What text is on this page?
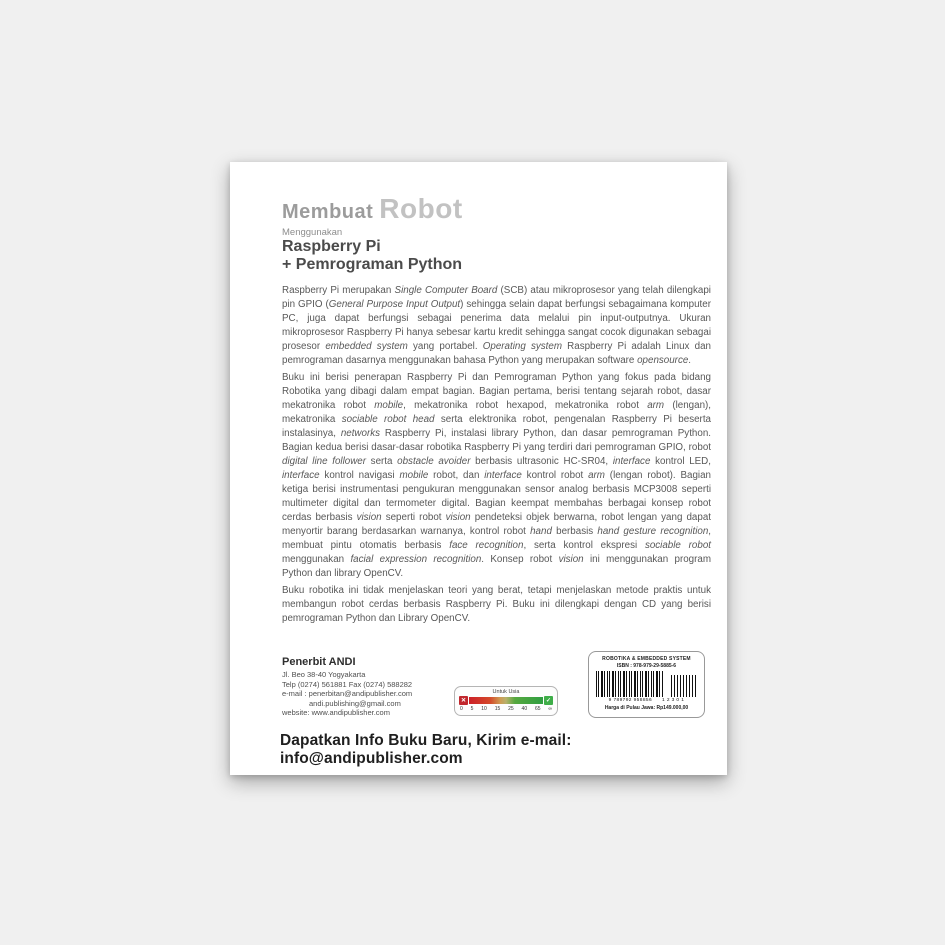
Membuat Robot
Menggunakan
Raspberry Pi
+ Pemrograman Python

Raspberry Pi merupakan Single Computer Board (SCB) atau mikroprosesor yang telah dilengkapi pin GPIO (General Purpose Input Output) sehingga selain dapat berfungsi sebagaimana komputer PC, juga dapat berfungsi sebagai penerima data melalui pin input-outputnya. Ukuran mikroprosesor Raspberry Pi hanya sebesar kartu kredit sehingga sangat cocok digunakan sebagai prosesor embedded system yang portabel. Operating system Raspberry Pi adalah Linux dan pemrograman dasarnya menggunakan bahasa Python yang merupakan software opensource.

Buku ini berisi penerapan Raspberry Pi dan Pemrograman Python yang fokus pada bidang Robotika yang dibagi dalam empat bagian. Bagian pertama, berisi tentang sejarah robot, dasar mekatronika robot mobile, mekatronika robot hexapod, mekatronika robot arm (lengan), mekatronika sociable robot head serta elektronika robot, pengenalan Raspberry Pi beserta instalasinya, networks Raspberry Pi, instalasi library Python, dan dasar pemrograman Python. Bagian kedua berisi dasar-dasar robotika Raspberry Pi yang terdiri dari pemrograman GPIO, robot digital line follower serta obstacle avoider berbasis ultrasonic HC-SR04, interface kontrol LED, interface kontrol navigasi mobile robot, dan interface kontrol robot arm (lengan robot). Bagian ketiga berisi instrumentasi pengukuran menggunakan sensor analog berbasis MCP3008 seperti multimeter digital dan termometer digital. Bagian keempat membahas berbagai konsep robot cerdas berbasis vision seperti robot vision pendeteksi objek berwarna, robot lengan yang dapat menyortir barang berdasarkan warnanya, kontrol robot hand berbasis hand gesture recognition, membuat pintu otomatis berbasis face recognition, serta kontrol ekspresi sociable robot menggunakan facial expression recognition. Konsep robot vision ini menggunakan program Python dan library OpenCV.

Buku robotika ini tidak menjelaskan teori yang berat, tetapi menjelaskan metode praktis untuk membangun robot cerdas berbasis Raspberry Pi. Buku ini dilengkapi dengan CD yang berisi pemrograman Python dan Library OpenCV.

Penerbit ANDI
Jl. Beo 38-40 Yogyakarta
Telp (0274) 561881 Fax (0274) 588282
e-mail : penerbitan@andipublisher.com
andi.publishing@gmail.com
website: www.andipublisher.com
Untuk Usia
✕	✓
0 5 10 15 25 40 65 ∞
ROBOTIKA & EMBEDDED SYSTEM
ISBN : 978-979-29-5885-6
9 789792 958856 1 2 3 0 1
Harga di Pulau Jawa: Rp149.000,00
Dapatkan Info Buku Baru, Kirim e-mail: info@andipublisher.com
